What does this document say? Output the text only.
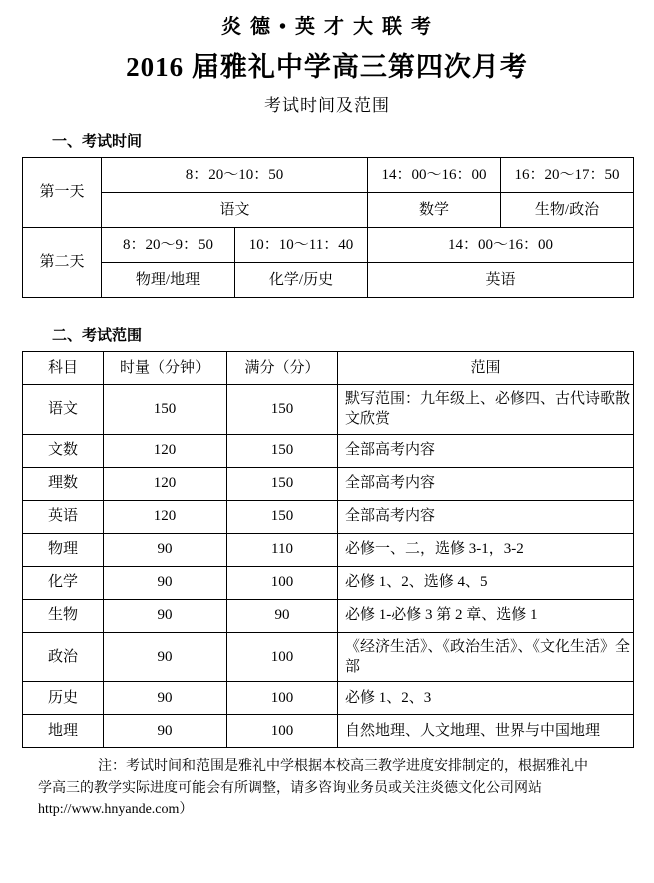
炎 德 • 英 才 大 联 考
2016 届雅礼中学高三第四次月考
考试时间及范围
一、考试时间
第一天	8：20～10：50		14：00～16：00	16：20～17：50
	语文		数学	生物/政治
第二天	8：20～9：50	10：10～11：40	14：00～16：00	
	物理/地理	化学/历史	英语	
二、考试范围
科目	时量（分钟）	满分（分）	范围
语文	150	150	默写范围：九年级上、必修四、古代诗歌散文欣赏
文数	120	150	全部高考内容
理数	120	150	全部高考内容
英语	120	150	全部高考内容
物理	90	110	必修一、二，选修 3-1，3-2
化学	90	100	必修 1、2、选修 4、5
生物	90	90	必修 1-必修 3 第 2 章、选修 1
政治	90	100	《经济生活》、《政治生活》、《文化生活》全部
历史	90	100	必修 1、2、3
地理	90	100	自然地理、人文地理、世界与中国地理
注：考试时间和范围是雅礼中学根据本校高三教学进度安排制定的，根据雅礼中
学高三的教学实际进度可能会有所调整，请多咨询业务员或关注炎德文化公司网站
http://www.hnyande.com）
